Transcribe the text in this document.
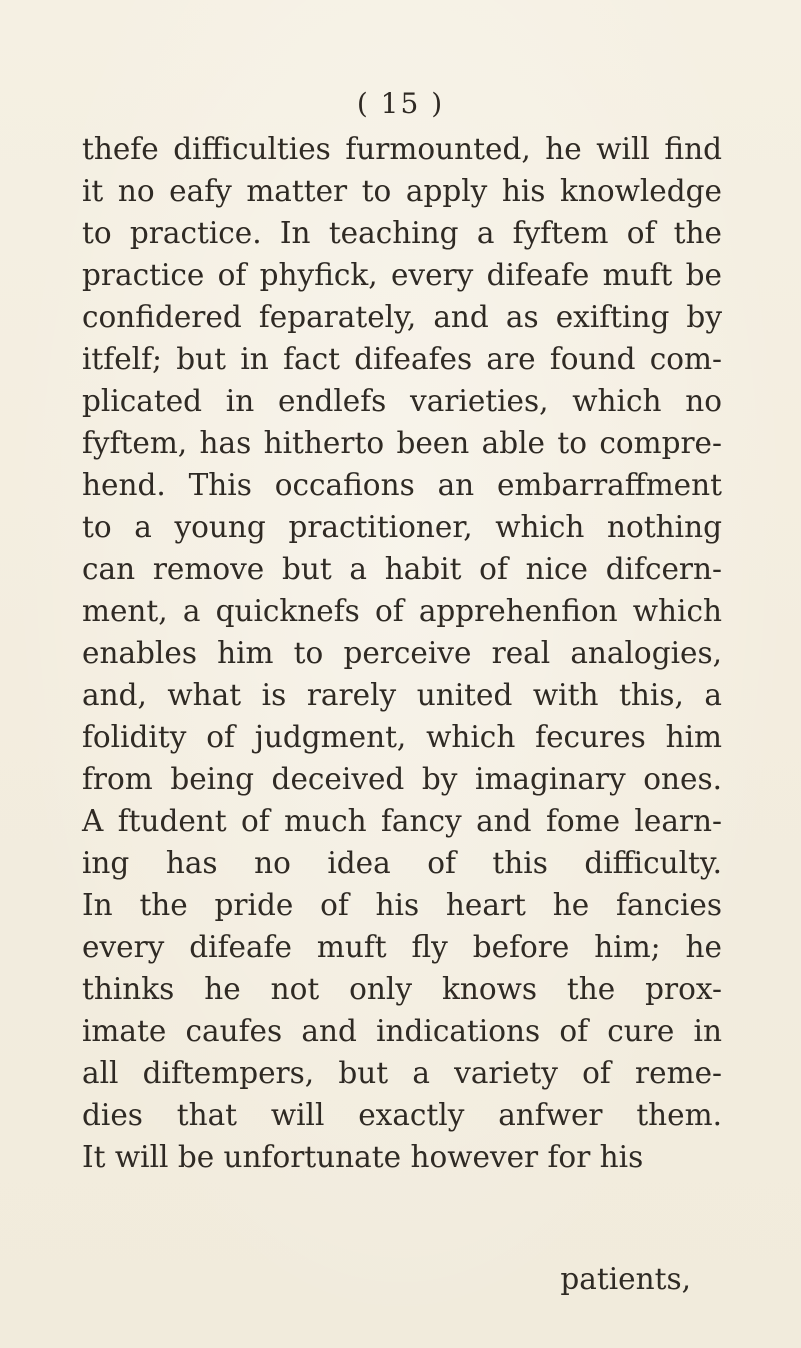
( 15 )
thefe difficulties furmounted, he will find
it no eafy matter to apply his knowledge
to practice. In teaching a fyftem of the
practice of phyfick, every difeafe muft be
confidered feparately, and as exifting by
itfelf; but in fact difeafes are found com-
plicated in endlefs varieties, which no
fyftem, has hitherto been able to compre-
hend. This occafions an embarraffment
to a young practitioner, which nothing
can remove but a habit of nice difcern-
ment, a quicknefs of apprehenfion which
enables him to perceive real analogies,
and, what is rarely united with this, a
folidity of judgment, which fecures him
from being deceived by imaginary ones.
A ftudent of much fancy and fome learn-
ing has no idea of this difficulty.
In the pride of his heart he fancies
every difeafe muft fly before him; he
thinks he not only knows the prox-
imate caufes and indications of cure in
all diftempers, but a variety of reme-
dies that will exactly anfwer them.
It will be unfortunate however for his
patients,
